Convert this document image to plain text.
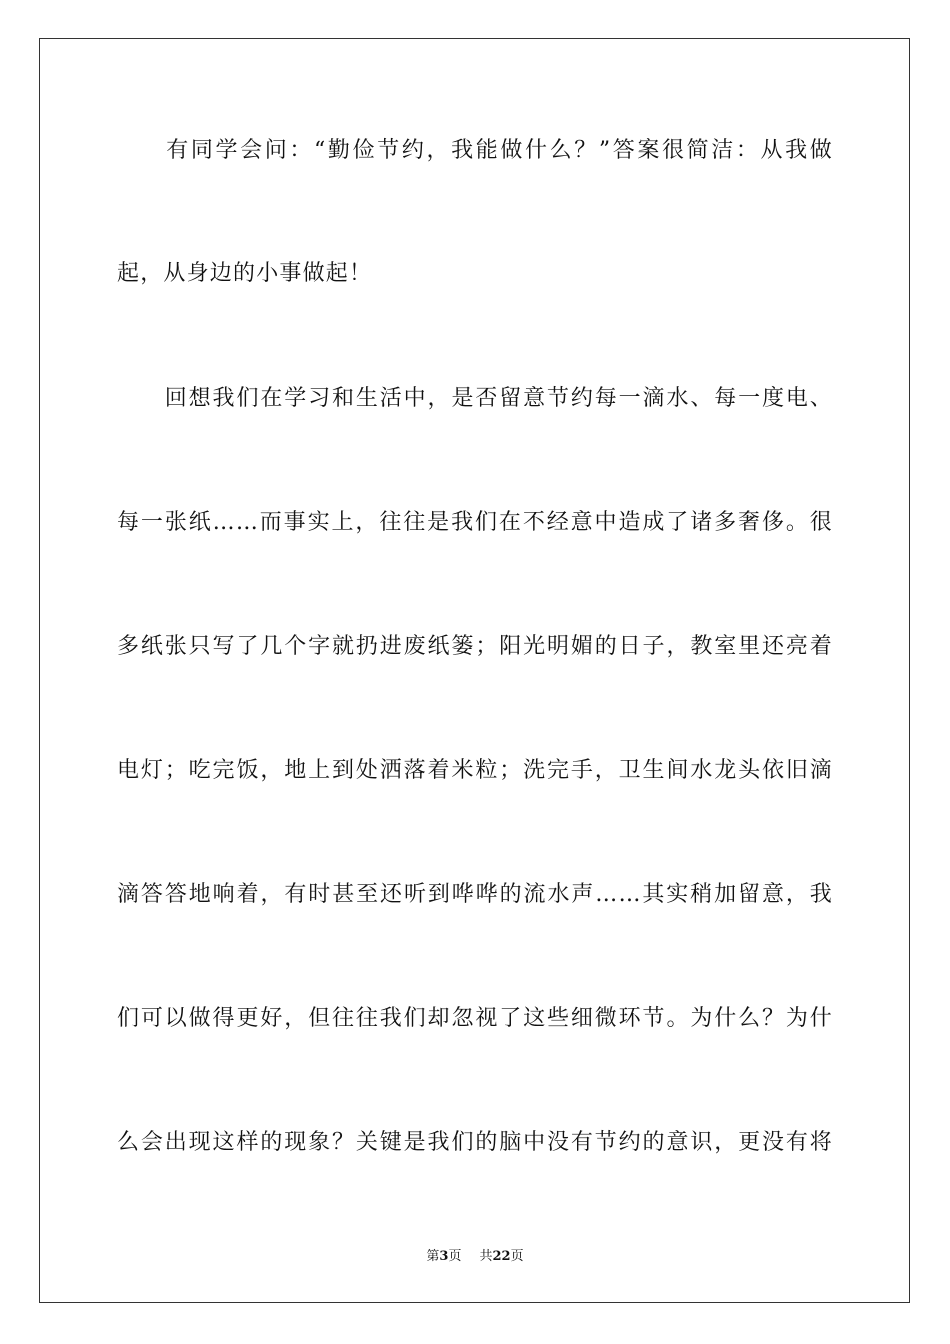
　　有同学会问：“勤俭节约，我能做什么？”答案很简洁：从我做
起，从身边的小事做起！
　　回想我们在学习和生活中，是否留意节约每一滴水、每一度电、
每一张纸……而事实上，往往是我们在不经意中造成了诸多奢侈。很
多纸张只写了几个字就扔进废纸篓；阳光明媚的日子，教室里还亮着
电灯；吃完饭，地上到处洒落着米粒；洗完手，卫生间水龙头依旧滴
滴答答地响着，有时甚至还听到哗哗的流水声……其实稍加留意，我
们可以做得更好，但往往我们却忽视了这些细微环节。为什么？为什
么会出现这样的现象？关键是我们的脑中没有节约的意识，更没有将
第3页 共22页
